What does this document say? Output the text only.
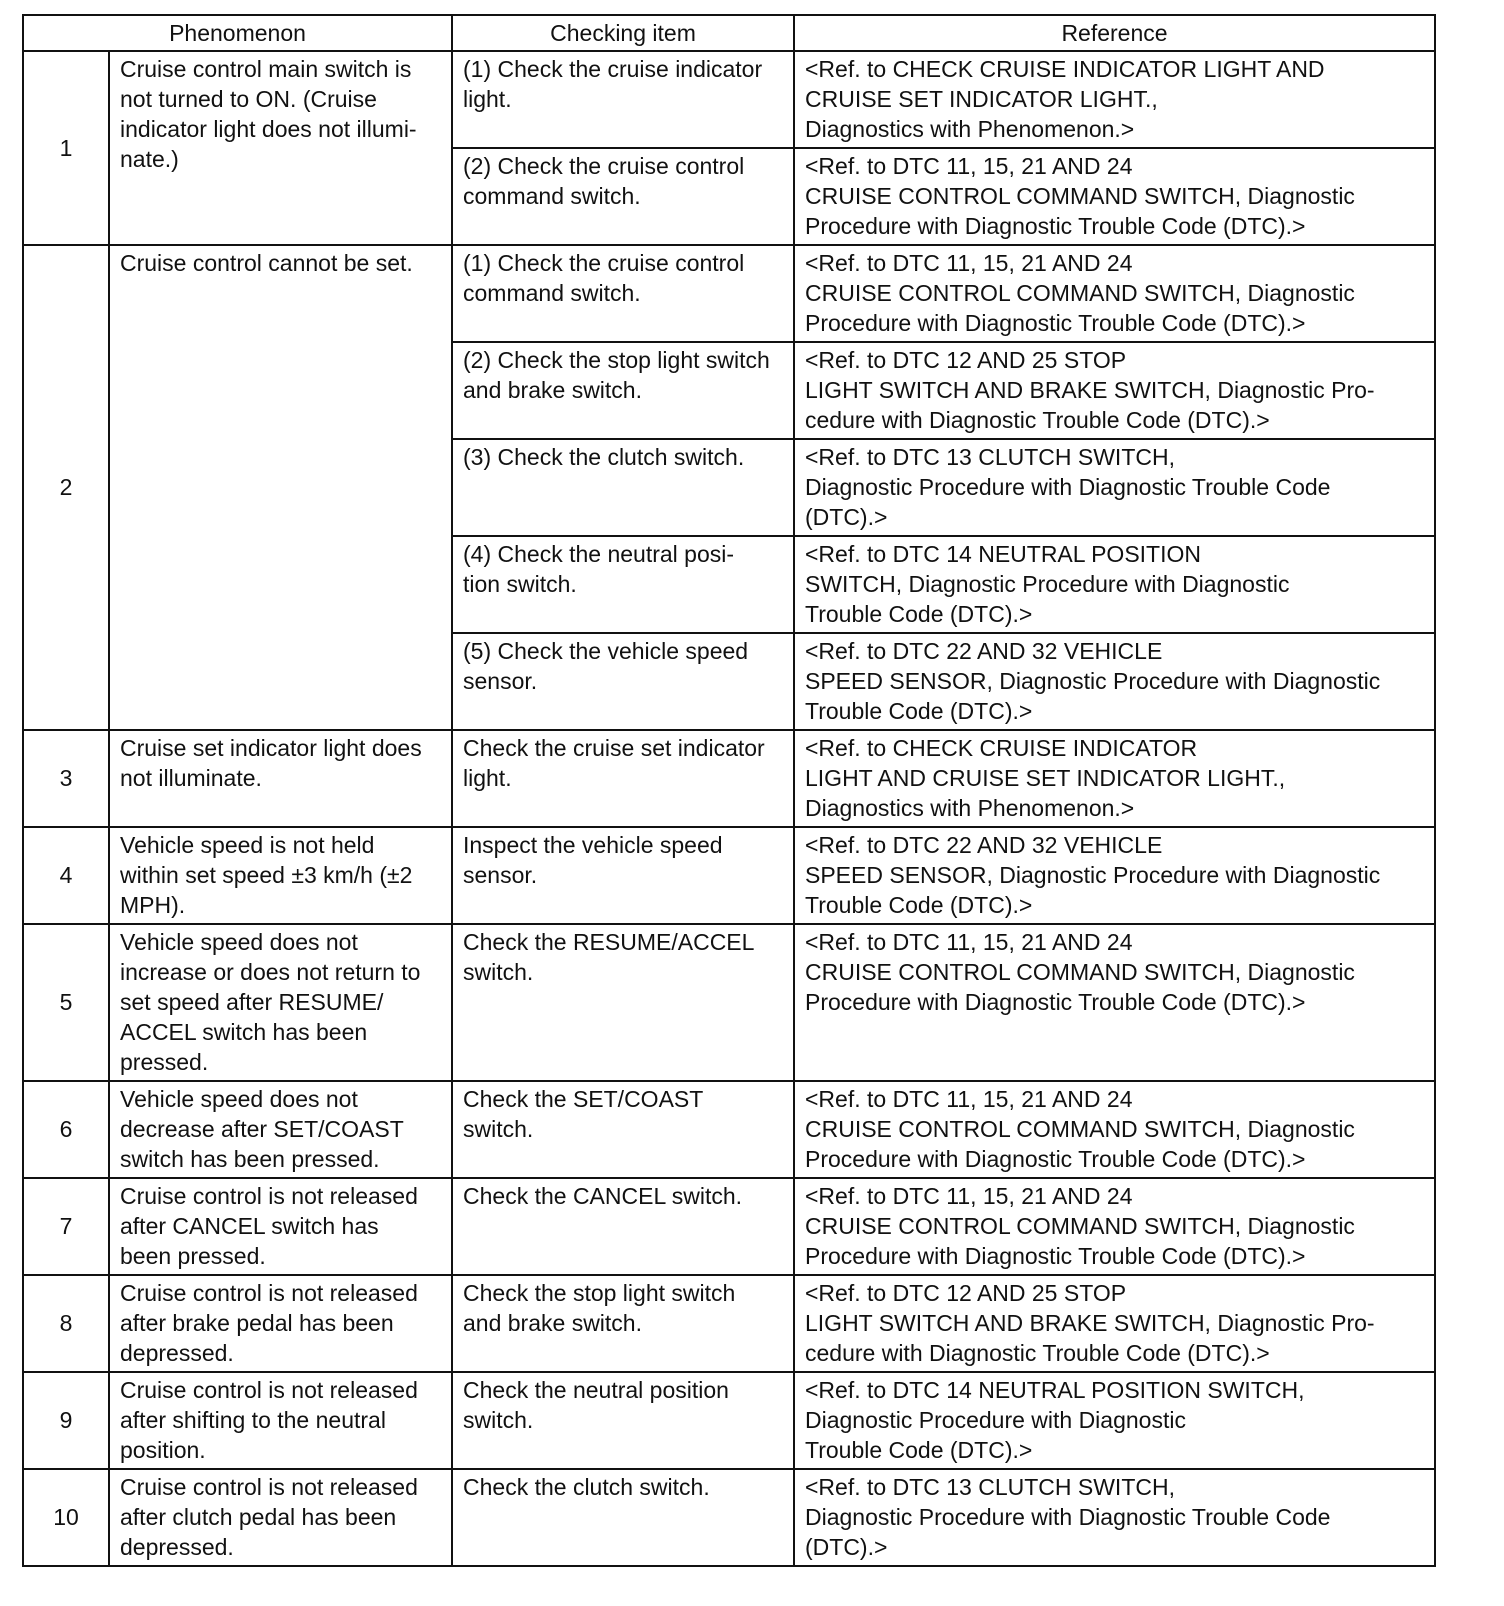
Phenomenon		Checking item	Reference
1	Cruise control main switch is
not turned to ON. (Cruise
indicator light does not illumi-
nate.)	(1) Check the cruise indicator
light.	<Ref. to CHECK CRUISE INDICATOR LIGHT AND
CRUISE SET INDICATOR LIGHT.,
Diagnostics with Phenomenon.>
		(2) Check the cruise control
command switch.	<Ref. to DTC 11, 15, 21 AND 24
CRUISE CONTROL COMMAND SWITCH, Diagnostic
Procedure with Diagnostic Trouble Code (DTC).>
2	Cruise control cannot be set.	(1) Check the cruise control
command switch.	<Ref. to DTC 11, 15, 21 AND 24
CRUISE CONTROL COMMAND SWITCH, Diagnostic
Procedure with Diagnostic Trouble Code (DTC).>
		(2) Check the stop light switch
and brake switch.	<Ref. to DTC 12 AND 25 STOP
LIGHT SWITCH AND BRAKE SWITCH, Diagnostic Pro-
cedure with Diagnostic Trouble Code (DTC).>
		(3) Check the clutch switch.	<Ref. to DTC 13 CLUTCH SWITCH,
Diagnostic Procedure with Diagnostic Trouble Code
(DTC).>
		(4) Check the neutral posi-
tion switch.	<Ref. to DTC 14 NEUTRAL POSITION
SWITCH, Diagnostic Procedure with Diagnostic
Trouble Code (DTC).>
		(5) Check the vehicle speed
sensor.	<Ref. to DTC 22 AND 32 VEHICLE
SPEED SENSOR, Diagnostic Procedure with Diagnostic
Trouble Code (DTC).>
3	Cruise set indicator light does
not illuminate.	Check the cruise set indicator
light.	<Ref. to CHECK CRUISE INDICATOR
LIGHT AND CRUISE SET INDICATOR LIGHT.,
Diagnostics with Phenomenon.>
4	Vehicle speed is not held
within set speed ±3 km/h (±2
MPH).	Inspect the vehicle speed
sensor.	<Ref. to DTC 22 AND 32 VEHICLE
SPEED SENSOR, Diagnostic Procedure with Diagnostic
Trouble Code (DTC).>
5	Vehicle speed does not
increase or does not return to
set speed after RESUME/
ACCEL switch has been
pressed.	Check the RESUME/ACCEL
switch.	<Ref. to DTC 11, 15, 21 AND 24
CRUISE CONTROL COMMAND SWITCH, Diagnostic
Procedure with Diagnostic Trouble Code (DTC).>
6	Vehicle speed does not
decrease after SET/COAST
switch has been pressed.	Check the SET/COAST
switch.	<Ref. to DTC 11, 15, 21 AND 24
CRUISE CONTROL COMMAND SWITCH, Diagnostic
Procedure with Diagnostic Trouble Code (DTC).>
7	Cruise control is not released
after CANCEL switch has
been pressed.	Check the CANCEL switch.	<Ref. to DTC 11, 15, 21 AND 24
CRUISE CONTROL COMMAND SWITCH, Diagnostic
Procedure with Diagnostic Trouble Code (DTC).>
8	Cruise control is not released
after brake pedal has been
depressed.	Check the stop light switch
and brake switch.	<Ref. to DTC 12 AND 25 STOP
LIGHT SWITCH AND BRAKE SWITCH, Diagnostic Pro-
cedure with Diagnostic Trouble Code (DTC).>
9	Cruise control is not released
after shifting to the neutral
position.	Check the neutral position
switch.	<Ref. to DTC 14 NEUTRAL POSITION SWITCH,
Diagnostic Procedure with Diagnostic
Trouble Code (DTC).>
10	Cruise control is not released
after clutch pedal has been
depressed.	Check the clutch switch.	<Ref. to DTC 13 CLUTCH SWITCH,
Diagnostic Procedure with Diagnostic Trouble Code
(DTC).>
